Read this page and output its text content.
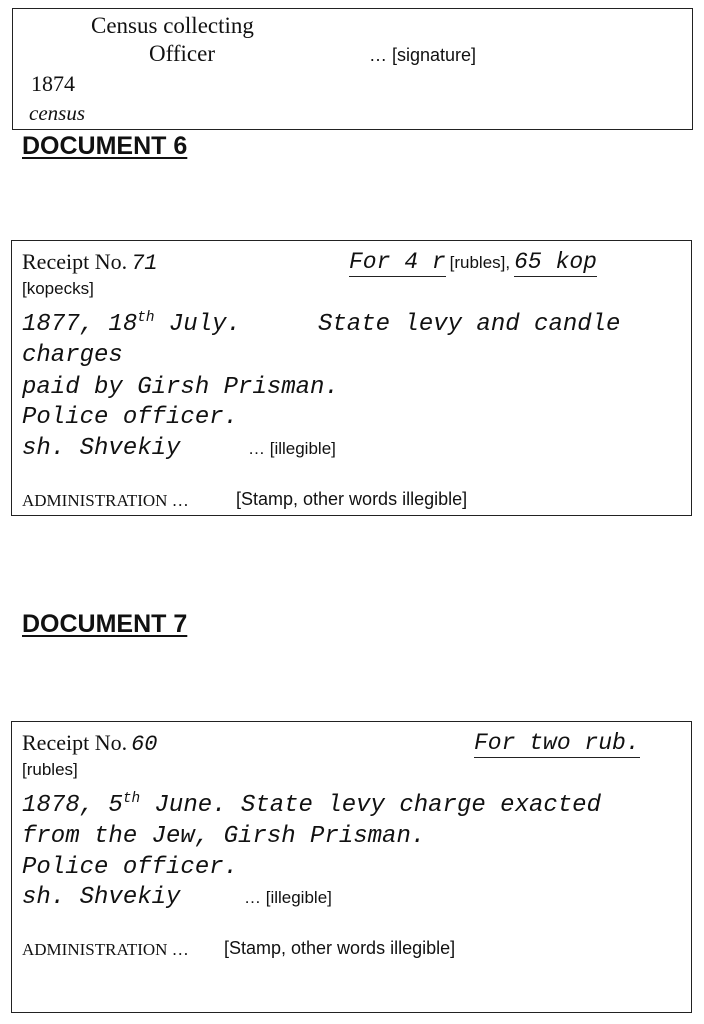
Census collecting
Officer	… [signature]
1874
census
DOCUMENT 6
Receipt No. 71	For 4 r [rubles], 65 kop
[kopecks]
1877, 18th July.	State levy and candle
charges
paid by Girsh Prisman.
Police officer.
sh. Shvekiy	… [illegible]
ADMINISTRATION …	[Stamp, other words illegible]
DOCUMENT 7
Receipt No. 60	For two rub.
[rubles]
1878, 5th June. State levy charge exacted
from the Jew, Girsh Prisman.
Police officer.
sh. Shvekiy	… [illegible]
ADMINISTRATION … [Stamp, other words illegible]
